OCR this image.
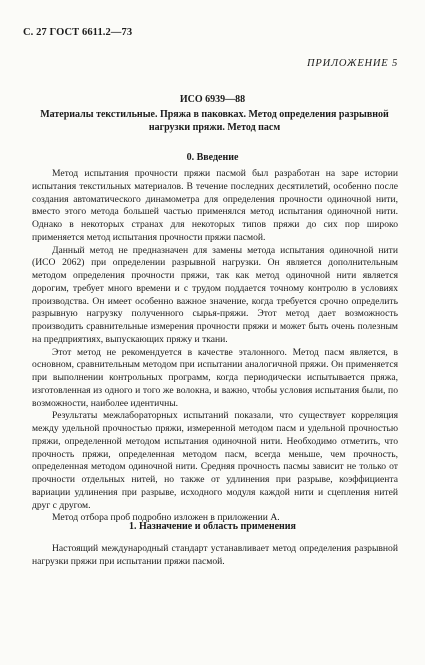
С. 27 ГОСТ 6611.2—73
ПРИЛОЖЕНИЕ 5
ИСО 6939—88
Материалы текстильные. Пряжа в паковках. Метод определения разрывной нагрузки пряжи. Метод пасм
0. Введение

Метод испытания прочности пряжи пасмой был разработан на заре истории испытания текстильных материалов. В течение последних десятилетий, особенно после создания автоматического динамометра для определения прочности одиночной нити, вместо этого метода большей частью применялся метод испытания одиночной нити. Однако в некоторых странах для некоторых типов пряжи до сих пор широко применяется метод испытания прочности пряжи пасмой.

Данный метод не предназначен для замены метода испытания одиночной нити (ИСО 2062) при определении разрывной нагрузки. Он является дополнительным методом определения прочности пряжи, так как метод одиночной нити является дорогим, требует много времени и с трудом поддается точному контролю в условиях производства. Он имеет особенно важное значение, когда требуется срочно определить разрывную нагрузку полученного сырья-пряжи. Этот метод дает возможность производить сравнительные измерения прочности пряжи и может быть очень полезным на предприятиях, выпускающих пряжу и ткани.

Этот метод не рекомендуется в качестве эталонного. Метод пасм является, в основном, сравнительным методом при испытании аналогичной пряжи. Он применяется при выполнении контрольных программ, когда периодически испытывается пряжа, изготовленная из одного и того же волокна, и важно, чтобы условия испытания были, по возможности, наиболее идентичны.

Результаты межлабораторных испытаний показали, что существует корреляция между удельной прочностью пряжи, измеренной методом пасм и удельной прочностью пряжи, определенной методом испытания одиночной нити. Необходимо отметить, что прочность пряжи, определенная методом пасм, всегда меньше, чем прочность, определенная методом одиночной нити. Средняя прочность пасмы зависит не только от прочности отдельных нитей, но также от удлинения при разрыве, коэффициента вариации удлинения при разрыве, исходного модуля каждой нити и сцепления нитей друг с другом.

Метод отбора проб подробно изложен в приложении А.

1. Назначение и область применения

Настоящий международный стандарт устанавливает метод определения разрывной нагрузки пряжи при испытании пряжи пасмой.
